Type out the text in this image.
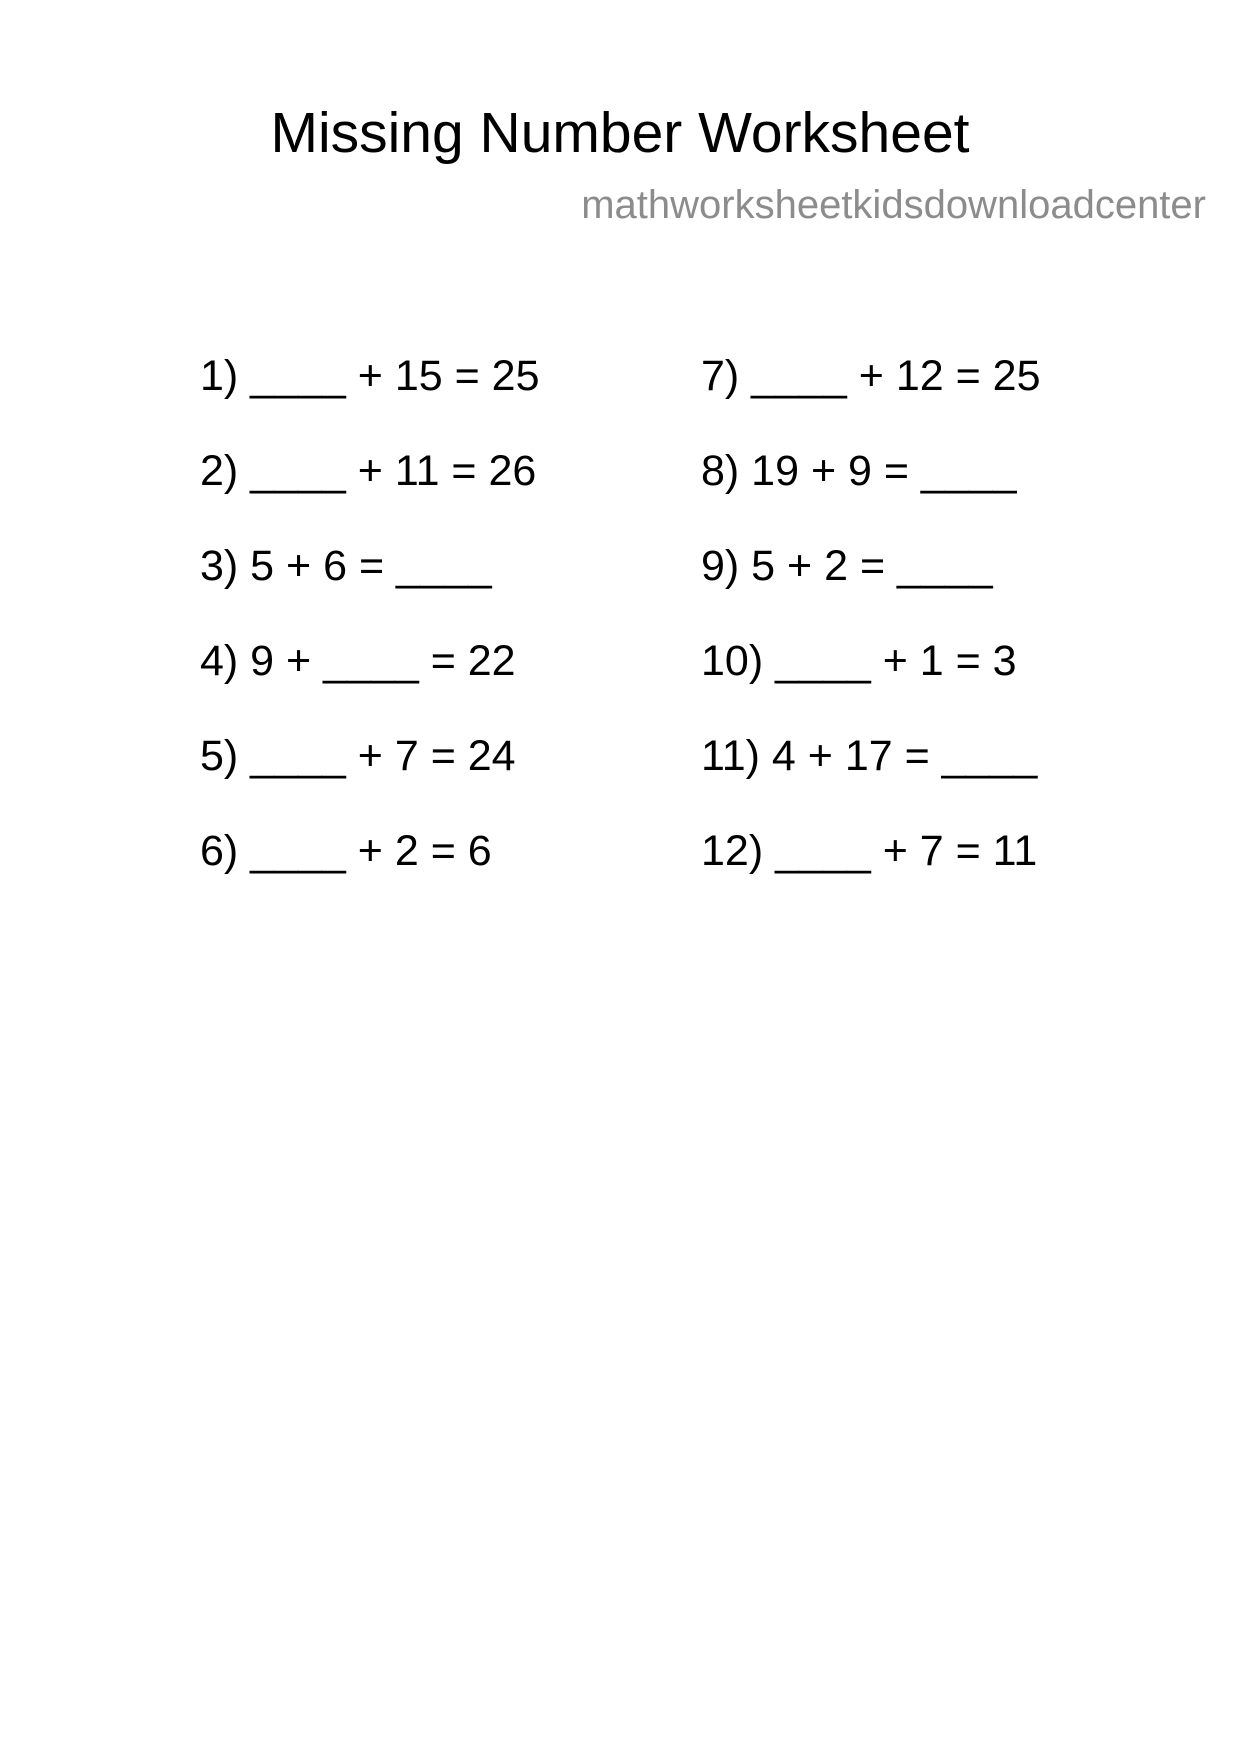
Missing Number Worksheet
mathworksheetkidsdownloadcenter
1) ____ + 15 = 25
2) ____ + 11 = 26
3) 5 + 6 = ____
4) 9 + ____ = 22
5) ____ + 7 = 24
6) ____ + 2 = 6
7) ____ + 12 = 25
8) 19 + 9 = ____
9) 5 + 2 = ____
10) ____ + 1 = 3
11) 4 + 17 = ____
12) ____ + 7 = 11
